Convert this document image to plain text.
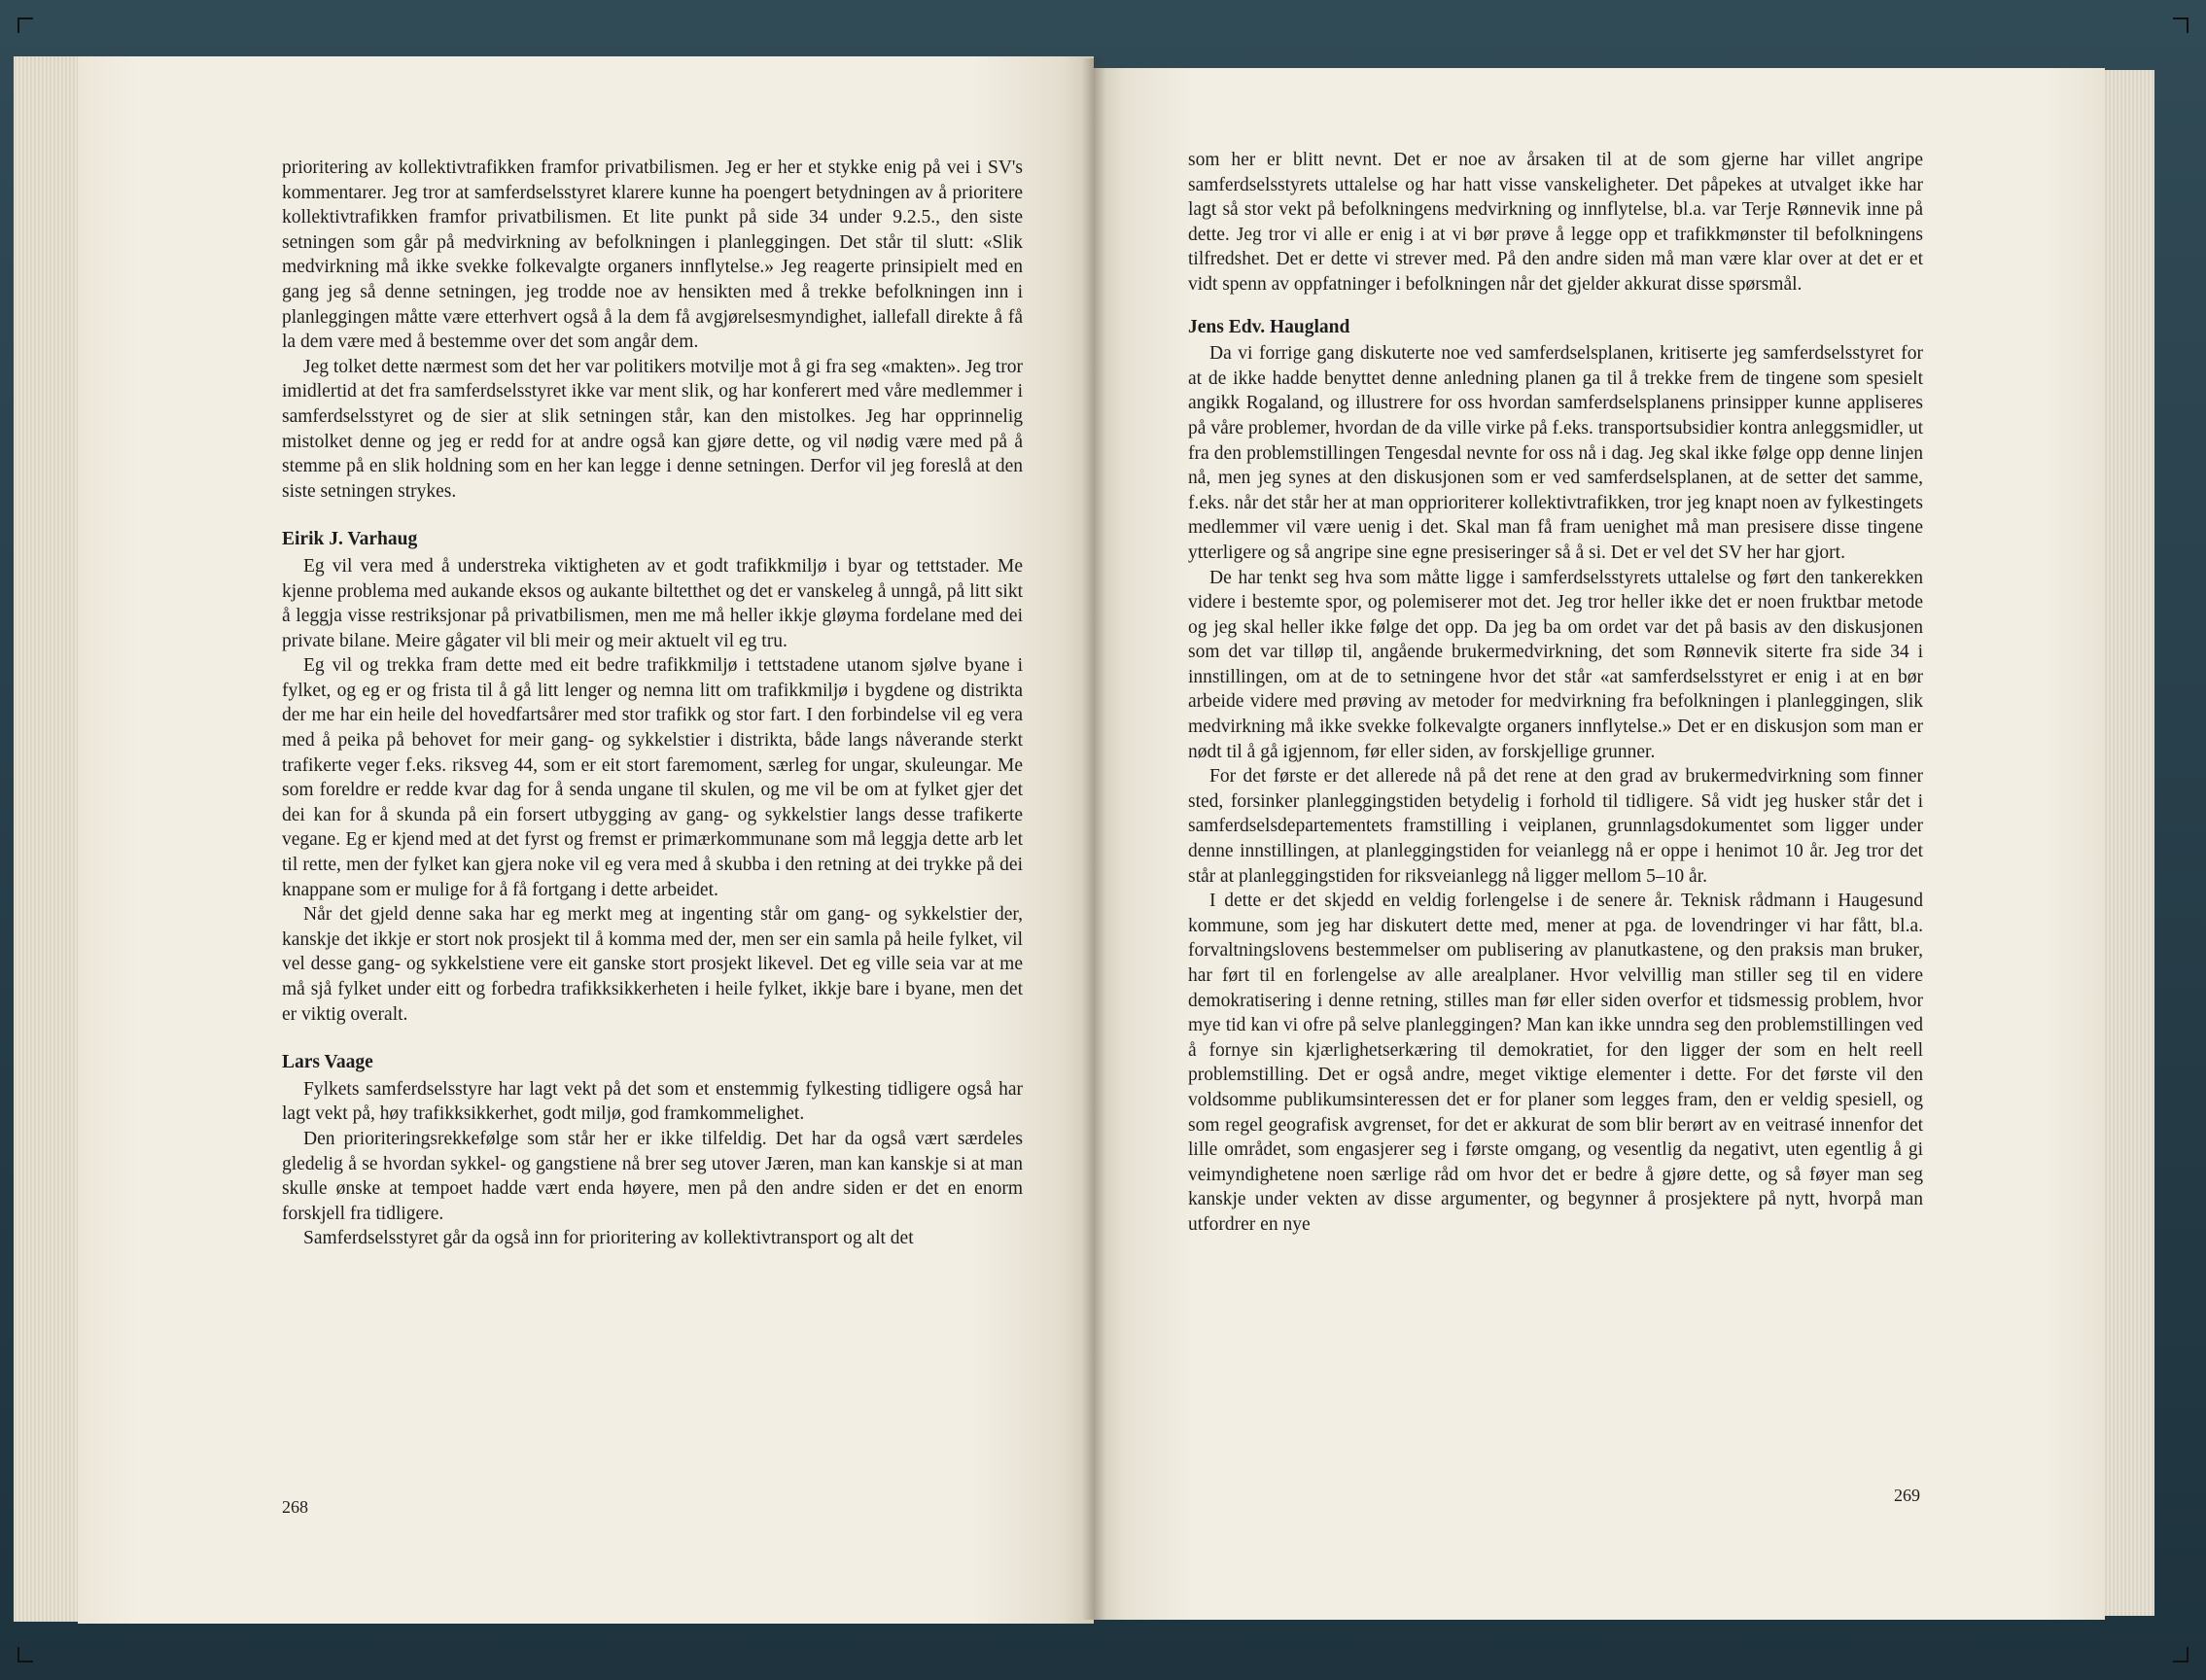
prioritering av kollektivtrafikken framfor privatbilismen. Jeg er her et stykke enig på vei i SV's kommentarer. Jeg tror at samferdselsstyret klarere kunne ha poengert betydningen av å prioritere kollektivtrafikken framfor privatbilismen. Et lite punkt på side 34 under 9.2.5., den siste setningen som går på medvirkning av befolkningen i planleggingen. Det står til slutt: «Slik medvirkning må ikke svekke folkevalgte organers innflytelse.» Jeg reagerte prinsipielt med en gang jeg så denne setningen, jeg trodde noe av hensikten med å trekke befolkningen inn i planleggingen måtte være etterhvert også å la dem få avgjørelsesmyndighet, iallefall direkte å få la dem være med å bestemme over det som angår dem.

Jeg tolket dette nærmest som det her var politikers motvilje mot å gi fra seg «makten». Jeg tror imidlertid at det fra samferdselsstyret ikke var ment slik, og har konferert med våre medlemmer i samferdselsstyret og de sier at slik setningen står, kan den mistolkes. Jeg har opprinnelig mistolket denne og jeg er redd for at andre også kan gjøre dette, og vil nødig være med på å stemme på en slik holdning som en her kan legge i denne setningen. Derfor vil jeg foreslå at den siste setningen strykes.

Eirik J. Varhaug

Eg vil vera med å understreka viktigheten av et godt trafikkmiljø i byar og tettstader. Me kjenne problema med aukande eksos og aukante biltetthet og det er vanskeleg å unngå, på litt sikt å leggja visse restriksjonar på privatbilismen, men me må heller ikkje gløyma fordelane med dei private bilane. Meire gågater vil bli meir og meir aktuelt vil eg tru.

Eg vil og trekka fram dette med eit bedre trafikkmiljø i tettstadene utanom sjølve byane i fylket, og eg er og frista til å gå litt lenger og nemna litt om trafikkmiljø i bygdene og distrikta der me har ein heile del hovedfartsårer med stor trafikk og stor fart. I den forbindelse vil eg vera med å peika på behovet for meir gang- og sykkelstier i distrikta, både langs nåverande sterkt trafikerte veger f.eks. riksveg 44, som er eit stort faremoment, særleg for ungar, skuleungar. Me som foreldre er redde kvar dag for å senda ungane til skulen, og me vil be om at fylket gjer det dei kan for å skunda på ein forsert utbygging av gang- og sykkelstier langs desse trafikerte vegane. Eg er kjend med at det fyrst og fremst er primærkommunane som må leggja dette arb let til rette, men der fylket kan gjera noke vil eg vera med å skubba i den retning at dei trykke på dei knappane som er mulige for å få fortgang i dette arbeidet.

Når det gjeld denne saka har eg merkt meg at ingenting står om gang- og sykkelstier der, kanskje det ikkje er stort nok prosjekt til å komma med der, men ser ein samla på heile fylket, vil vel desse gang- og sykkelstiene vere eit ganske stort prosjekt likevel. Det eg ville seia var at me må sjå fylket under eitt og forbedra trafikksikkerheten i heile fylket, ikkje bare i byane, men det er viktig overalt.

Lars Vaage

Fylkets samferdselsstyre har lagt vekt på det som et enstemmig fylkesting tidligere også har lagt vekt på, høy trafikksikkerhet, godt miljø, god framkommelighet.

Den prioriteringsrekkefølge som står her er ikke tilfeldig. Det har da også vært særdeles gledelig å se hvordan sykkel- og gangstiene nå brer seg utover Jæren, man kan kanskje si at man skulle ønske at tempoet hadde vært enda høyere, men på den andre siden er det en enorm forskjell fra tidligere.

Samferdselsstyret går da også inn for prioritering av kollektivtransport og alt det

268

som her er blitt nevnt. Det er noe av årsaken til at de som gjerne har villet angripe samferdselsstyrets uttalelse og har hatt visse vanskeligheter. Det påpekes at utvalget ikke har lagt så stor vekt på befolkningens medvirkning og innflytelse, bl.a. var Terje Rønnevik inne på dette. Jeg tror vi alle er enig i at vi bør prøve å legge opp et trafikkmønster til befolkningens tilfredshet. Det er dette vi strever med. På den andre siden må man være klar over at det er et vidt spenn av oppfatninger i befolkningen når det gjelder akkurat disse spørsmål.

Jens Edv. Haugland

Da vi forrige gang diskuterte noe ved samferdselsplanen, kritiserte jeg samferdselsstyret for at de ikke hadde benyttet denne anledning planen ga til å trekke frem de tingene som spesielt angikk Rogaland, og illustrere for oss hvordan samferdselsplanens prinsipper kunne appliseres på våre problemer, hvordan de da ville virke på f.eks. transportsubsidier kontra anleggsmidler, ut fra den problemstillingen Tengesdal nevnte for oss nå i dag. Jeg skal ikke følge opp denne linjen nå, men jeg synes at den diskusjonen som er ved samferdselsplanen, at de setter det samme, f.eks. når det står her at man opprioriterer kollektivtrafikken, tror jeg knapt noen av fylkestingets medlemmer vil være uenig i det. Skal man få fram uenighet må man presisere disse tingene ytterligere og så angripe sine egne presiseringer så å si. Det er vel det SV her har gjort.

De har tenkt seg hva som måtte ligge i samferdselsstyrets uttalelse og ført den tankerekken videre i bestemte spor, og polemiserer mot det. Jeg tror heller ikke det er noen fruktbar metode og jeg skal heller ikke følge det opp. Da jeg ba om ordet var det på basis av den diskusjonen som det var tilløp til, angående brukermedvirkning, det som Rønnevik siterte fra side 34 i innstillingen, om at de to setningene hvor det står «at samferdselsstyret er enig i at en bør arbeide videre med prøving av metoder for medvirkning fra befolkningen i planleggingen, slik medvirkning må ikke svekke folkevalgte organers innflytelse.» Det er en diskusjon som man er nødt til å gå igjennom, før eller siden, av forskjellige grunner.

For det første er det allerede nå på det rene at den grad av brukermedvirkning som finner sted, forsinker planleggingstiden betydelig i forhold til tidligere. Så vidt jeg husker står det i samferdselsdepartementets framstilling i veiplanen, grunnlagsdokumentet som ligger under denne innstillingen, at planleggingstiden for veianlegg nå er oppe i henimot 10 år. Jeg tror det står at planleggingstiden for riksveianlegg nå ligger mellom 5–10 år.

I dette er det skjedd en veldig forlengelse i de senere år. Teknisk rådmann i Haugesund kommune, som jeg har diskutert dette med, mener at pga. de lovendringer vi har fått, bl.a. forvaltningslovens bestemmelser om publisering av planutkastene, og den praksis man bruker, har ført til en forlengelse av alle arealplaner. Hvor velvillig man stiller seg til en videre demokratisering i denne retning, stilles man før eller siden overfor et tidsmessig problem, hvor mye tid kan vi ofre på selve planleggingen? Man kan ikke unndra seg den problemstillingen ved å fornye sin kjærlighetserkæring til demokratiet, for den ligger der som en helt reell problemstilling. Det er også andre, meget viktige elementer i dette. For det første vil den voldsomme publikumsinteressen det er for planer som legges fram, den er veldig spesiell, og som regel geografisk avgrenset, for det er akkurat de som blir berørt av en veitrasé innenfor det lille området, som engasjerer seg i første omgang, og vesentlig da negativt, uten egentlig å gi veimyndighetene noen særlige råd om hvor det er bedre å gjøre dette, og så føyer man seg kanskje under vekten av disse argumenter, og begynner å prosjektere på nytt, hvorpå man utfordrer en nye

269
